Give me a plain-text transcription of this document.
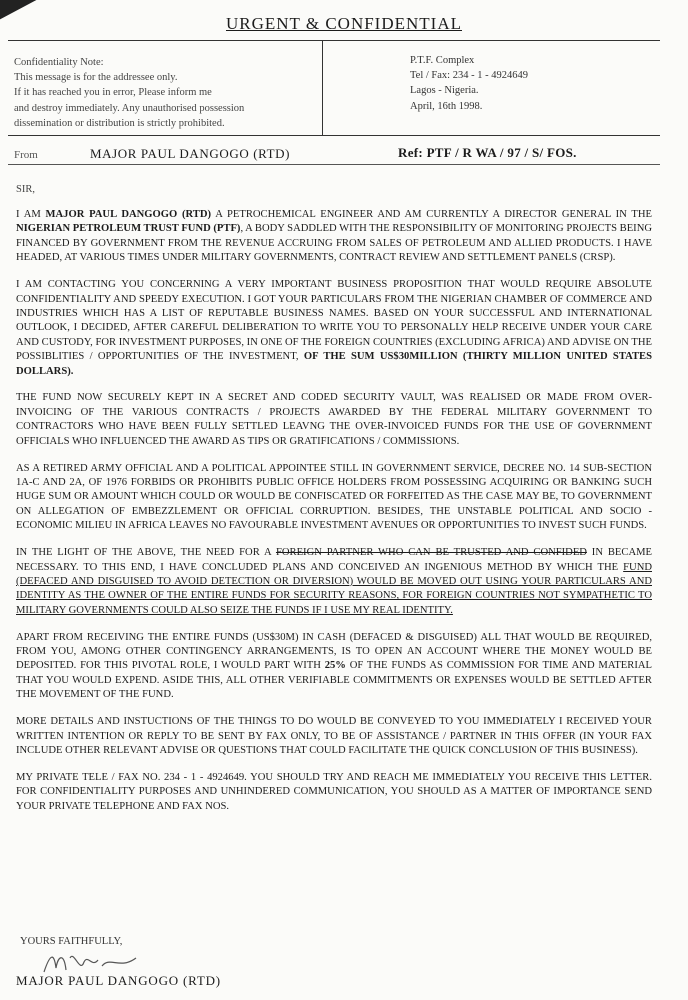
URGENT & CONFIDENTIAL
Confidentiality Note:
This message is for the addressee only.
If it has reached you in error, Please inform me
and destroy immediately. Any unauthorised possession
dissemination or distribution is strictly prohibited.
P.T.F. Complex
Tel / Fax: 234 - 1 - 4924649
Lagos - Nigeria.
April, 16th 1998.
From	MAJOR PAUL DANGOGO (RTD)	Ref: PTF / R WA / 97 / S/ FOS.
SIR,

I AM MAJOR PAUL DANGOGO (RTD) A PETROCHEMICAL ENGINEER AND AM CURRENTLY A DIRECTOR GENERAL IN THE NIGERIAN PETROLEUM TRUST FUND (PTF), A BODY SADDLED WITH THE RESPONSIBILITY OF MONITORING PROJECTS BEING FINANCED BY GOVERNMENT FROM THE REVENUE ACCRUING FROM SALES OF PETROLEUM AND ALLIED PRODUCTS. I HAVE HEADED, AT VARIOUS TIMES UNDER MILITARY GOVERNMENTS, CONTRACT REVIEW AND SETTLEMENT PANELS (CRSP).

I AM CONTACTING YOU CONCERNING A VERY IMPORTANT BUSINESS PROPOSITION THAT WOULD REQUIRE ABSOLUTE CONFIDENTIALITY AND SPEEDY EXECUTION. I GOT YOUR PARTICULARS FROM THE NIGERIAN CHAMBER OF COMMERCE AND INDUSTRIES WHICH HAS A LIST OF REPUTABLE BUSINESS NAMES. BASED ON YOUR SUCCESSFUL AND INTERNATIONAL OUTLOOK, I DECIDED, AFTER CAREFUL DELIBERATION TO WRITE YOU TO PERSONALLY HELP RECEIVE UNDER YOUR CARE AND CUSTODY, FOR INVESTMENT PURPOSES, IN ONE OF THE FOREIGN COUNTRIES (EXCLUDING AFRICA) AND ADVISE ON THE POSSIBLITIES / OPPORTUNITIES OF THE INVESTMENT, OF THE SUM US$30MILLION (THIRTY MILLION UNITED STATES DOLLARS).

THE FUND NOW SECURELY KEPT IN A SECRET AND CODED SECURITY VAULT, WAS REALISED OR MADE FROM OVER-INVOICING OF THE VARIOUS CONTRACTS / PROJECTS AWARDED BY THE FEDERAL MILITARY GOVERNMENT TO CONTRACTORS WHO HAVE BEEN FULLY SETTLED LEAVNG THE OVER-INVOICED FUNDS FOR THE USE OF GOVERNMENT OFFICIALS WHO INFLUENCED THE AWARD AS TIPS OR GRATIFICATIONS / COMMISSIONS.

AS A RETIRED ARMY OFFICIAL AND A POLITICAL APPOINTEE STILL IN GOVERNMENT SERVICE, DECREE NO. 14 SUB-SECTION 1A-C AND 2A, OF 1976 FORBIDS OR PROHIBITS PUBLIC OFFICE HOLDERS FROM POSSESSING ACQUIRING OR BANKING SUCH HUGE SUM OR AMOUNT WHICH COULD OR WOULD BE CONFISCATED OR FORFEITED AS THE CASE MAY BE, TO GOVERNMENT ON ALLEGATION OF EMBEZZLEMENT OR OFFICIAL CORRUPTION. BESIDES, THE UNSTABLE POLITICAL AND SOCIO - ECONOMIC MILIEU IN AFRICA LEAVES NO FAVOURABLE INVESTMENT AVENUES OR OPPORTUNITIES TO INVEST SUCH FUNDS.

IN THE LIGHT OF THE ABOVE, THE NEED FOR A FOREIGN PARTNER WHO CAN BE TRUSTED AND CONFIDED IN BECAME NECESSARY. TO THIS END, I HAVE CONCLUDED PLANS AND CONCEIVED AN INGENIOUS METHOD BY WHICH THE FUND (DEFACED AND DISGUISED TO AVOID DETECTION OR DIVERSION) WOULD BE MOVED OUT USING YOUR PARTICULARS AND IDENTITY AS THE OWNER OF THE ENTIRE FUNDS FOR SECURITY REASONS, FOR FOREIGN COUNTRIES NOT SYMPATHETIC TO MILITARY GOVERNMENTS COULD ALSO SEIZE THE FUNDS IF I USE MY REAL IDENTITY.

APART FROM RECEIVING THE ENTIRE FUNDS (US$30M) IN CASH (DEFACED & DISGUISED) ALL THAT WOULD BE REQUIRED, FROM YOU, AMONG OTHER CONTINGENCY ARRANGEMENTS, IS TO OPEN AN ACCOUNT WHERE THE MONEY WOULD BE DEPOSITED. FOR THIS PIVOTAL ROLE, I WOULD PART WITH 25% OF THE FUNDS AS COMMISSION FOR TIME AND MATERIAL THAT YOU WOULD EXPEND. ASIDE THIS, ALL OTHER VERIFIABLE COMMITMENTS OR EXPENSES WOULD BE SETTLED AFTER THE MOVEMENT OF THE FUND.

MORE DETAILS AND INSTUCTIONS OF THE THINGS TO DO WOULD BE CONVEYED TO YOU IMMEDIATELY I RECEIVED YOUR WRITTEN INTENTION OR REPLY TO BE SENT BY FAX ONLY, TO BE OF ASSISTANCE / PARTNER IN THIS OFFER (IN YOUR FAX INCLUDE OTHER RELEVANT ADVISE OR QUESTIONS THAT COULD FACILITATE THE QUICK CONCLUSION OF THIS BUSINESS).

MY PRIVATE TELE / FAX NO. 234 - 1 - 4924649. YOU SHOULD TRY AND REACH ME IMMEDIATELY YOU RECEIVE THIS LETTER. FOR CONFIDENTIALITY PURPOSES AND UNHINDERED COMMUNICATION, YOU SHOULD AS A MATTER OF IMPORTANCE SEND YOUR PRIVATE TELEPHONE AND FAX NOS.

YOURS FAITHFULLY,
MAJOR PAUL DANGOGO (RTD)
